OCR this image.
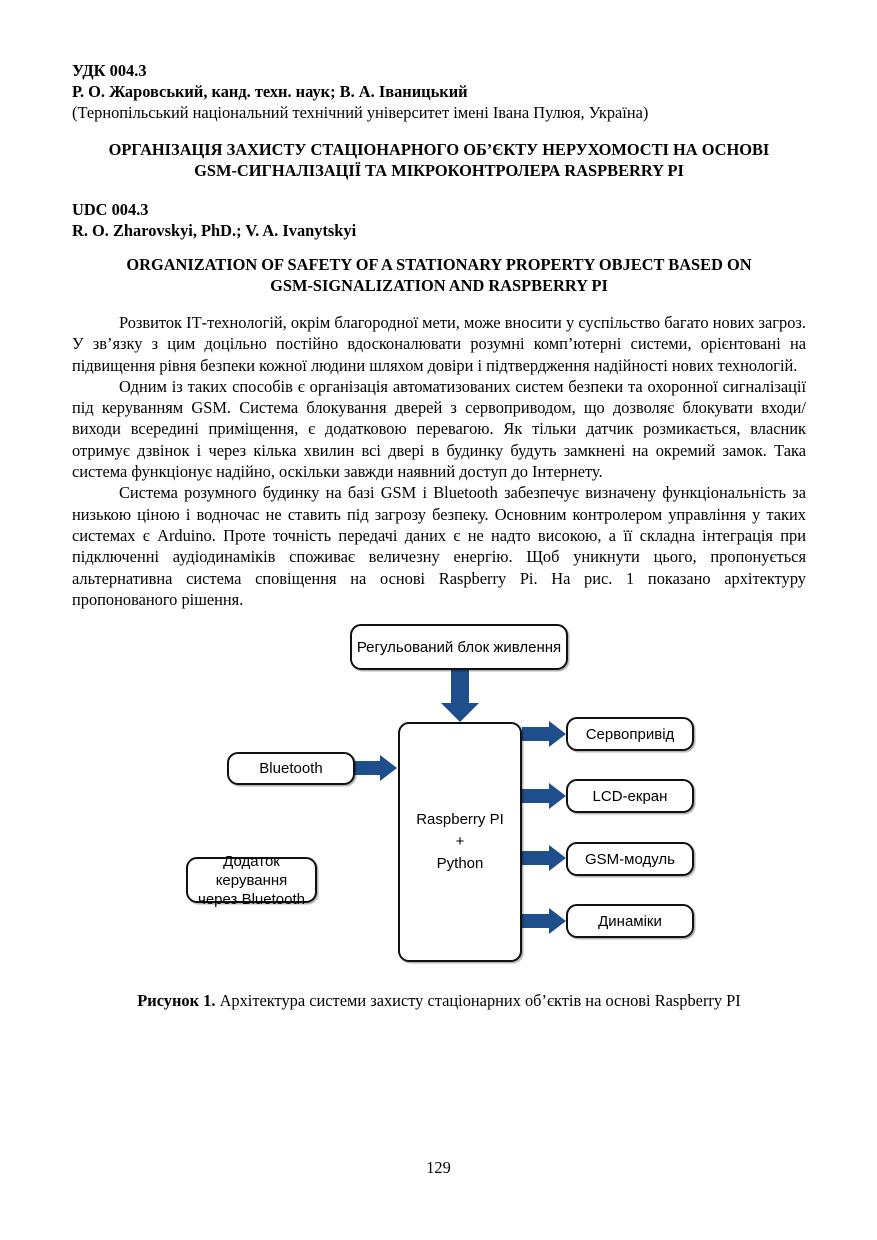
УДК 004.3
Р. О. Жаровський, канд. техн. наук; В. А. Іваницький
(Тернопільський національний технічний університет імені Івана Пулюя, Україна)
ОРГАНІЗАЦІЯ ЗАХИСТУ СТАЦІОНАРНОГО ОБ’ЄКТУ НЕРУХОМОСТІ НА ОСНОВІ
GSM-СИГНАЛІЗАЦІЇ ТА МІКРОКОНТРОЛЕРА RASPBERRY PI
UDC 004.3
R. O. Zharovskyi, PhD.; V. A. Ivanytskyi
ORGANIZATION OF SAFETY OF A STATIONARY PROPERTY OBJECT BASED ON
GSM-SIGNALIZATION AND RASPBERRY PI

Розвиток ІТ-технологій, окрім благородної мети, може вносити у суспільство багато нових загроз. У зв’язку з цим доцільно постійно вдосконалювати розумні комп’ютерні системи, орієнтовані на підвищення рівня безпеки кожної людини шляхом довіри і підтвердження надійності нових технологій.

Одним із таких способів є організація автоматизованих систем безпеки та охоронної сигналізації під керуванням GSM. Система блокування дверей з сервоприводом, що дозволяє блокувати входи/виходи всередині приміщення, є додатковою перевагою. Як тільки датчик розмикається, власник отримує дзвінок і через кілька хвилин всі двері в будинку будуть замкнені на окремий замок. Така система функціонує надійно, оскільки завжди наявний доступ до Інтернету.

Система розумного будинку на базі GSM і Bluetooth забезпечує визначену функціональність за низькою ціною і водночас не ставить під загрозу безпеку. Основним контролером управління у таких системах є Arduino. Проте точність передачі даних є не надто високою, а її складна інтеграція при підключенні аудіодинаміків споживає величезну енергію. Щоб уникнути цього, пропонується альтернативна система сповіщення на основі Raspberry Pi. На рис. 1 показано архітектуру пропонованого рішення.

Регульований блок живлення
Bluetooth
Додаток керування
через Bluetooth
Raspberry PI
+
Python
Сервопривід
LCD-екран
GSM-модуль
Динаміки
Рисунок 1. Архітектура системи захисту стаціонарних об’єктів на основі Raspberry PI
129
